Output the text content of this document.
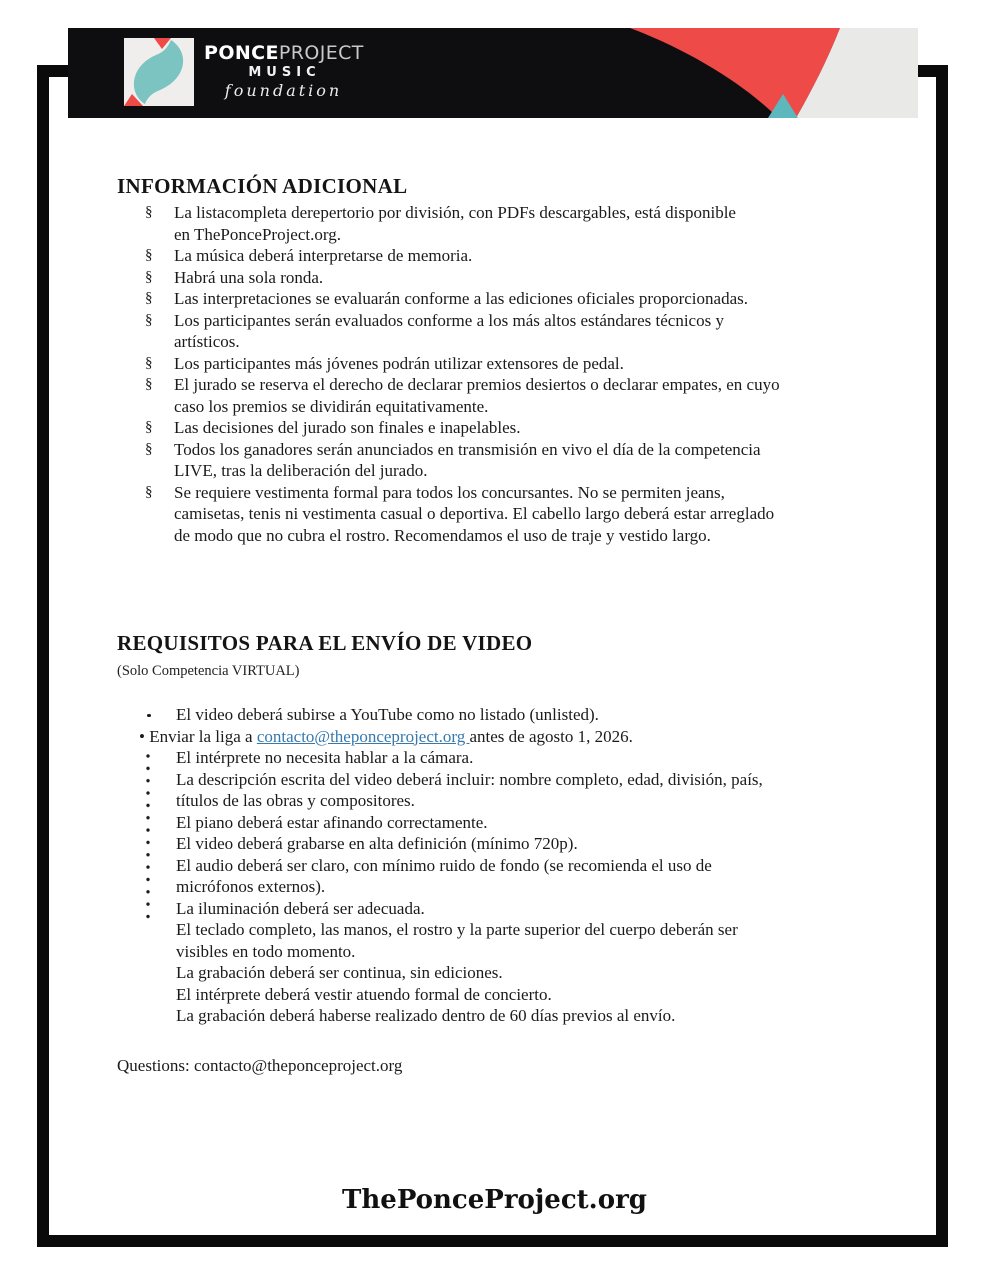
PONCEPROJECT
MUSIC
foundation
INFORMACIÓN ADICIONAL
§	La listacompleta derepertorio por división, con PDFs descargables, está disponible
en ThePonceProject.org.
§	La música deberá interpretarse de memoria.
§	Habrá una sola ronda.
§	Las interpretaciones se evaluarán conforme a las ediciones oficiales proporcionadas.
§	Los participantes serán evaluados conforme a los más altos estándares técnicos y
artísticos.
§	Los participantes más jóvenes podrán utilizar extensores de pedal.
§	El jurado se reserva el derecho de declarar premios desiertos o declarar empates, en cuyo
caso los premios se dividirán equitativamente.
§	Las decisiones del jurado son finales e inapelables.
§	Todos los ganadores serán anunciados en transmisión en vivo el día de la competencia
LIVE, tras la deliberación del jurado.
§	Se requiere vestimenta formal para todos los concursantes. No se permiten jeans,
camisetas, tenis ni vestimenta casual o deportiva. El cabello largo deberá estar arreglado
de modo que no cubra el rostro. Recomendamos el uso de traje y vestido largo.
REQUISITOS PARA EL ENVÍO DE VIDEO
(Solo Competencia VIRTUAL)
El video deberá subirse a YouTube como no listado (unlisted).
• Enviar la liga a contacto@theponceproject.org antes de agosto 1, 2026.
El intérprete no necesita hablar a la cámara.
La descripción escrita del video deberá incluir: nombre completo, edad, división, país,
títulos de las obras y compositores.
El piano deberá estar afinando correctamente.
El video deberá grabarse en alta definición (mínimo 720p).
El audio deberá ser claro, con mínimo ruido de fondo (se recomienda el uso de
micrófonos externos).
La iluminación deberá ser adecuada.
El teclado completo, las manos, el rostro y la parte superior del cuerpo deberán ser
visibles en todo momento.
La grabación deberá ser continua, sin ediciones.
El intérprete deberá vestir atuendo formal de concierto.
La grabación deberá haberse realizado dentro de 60 días previos al envío.
Questions: contacto@theponceproject.org
ThePonceProject.org
